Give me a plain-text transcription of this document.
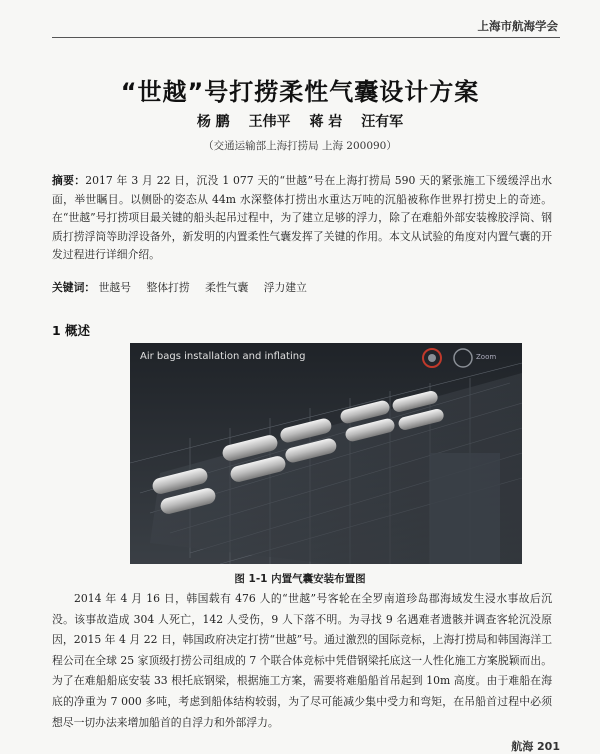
上海市航海学会
“世越”号打捞柔性气囊设计方案
杨 鹏 王伟平 蒋 岩 汪有军
（交通运输部上海打捞局 上海 200090）
摘要：2017 年 3 月 22 日，沉没 1 077 天的“世越”号在上海打捞局 590 天的紧张施工下缓缓浮出水面，举世瞩目。以侧卧的姿态从 44m 水深整体打捞出水重达万吨的沉船被称作世界打捞史上的奇迹。在“世越”号打捞项目最关键的船头起吊过程中，为了建立足够的浮力，除了在难船外部安装橡胶浮筒、钢质打捞浮筒等助浮设备外，新发明的内置柔性气囊发挥了关键的作用。本文从试验的角度对内置气囊的开发过程进行详细介绍。
关键词： 世越号 整体打捞 柔性气囊 浮力建立
1 概述
Air bags installation and inflating	Zoom
图 1-1 内置气囊安装布置图
2014 年 4 月 16 日，韩国载有 476 人的“世越”号客轮在全罗南道珍岛郡海域发生浸水事故后沉没。该事故造成 304 人死亡，142 人受伤，9 人下落不明。为寻找 9 名遇难者遗骸并调查客轮沉没原因，2015 年 4 月 22 日，韩国政府决定打捞“世越”号。通过激烈的国际竞标，上海打捞局和韩国海洋工程公司在全球 25 家顶级打捞公司组成的 7 个联合体竞标中凭借钢梁托底这一人性化施工方案脱颖而出。为了在难船船底安装 33 根托底钢梁，根据施工方案，需要将难船船首吊起到 10m 高度。由于难船在海底的净重为 7 000 多吨，考虑到船体结构较弱，为了尽可能减少集中受力和弯矩，在吊船首过程中必须想尽一切办法来增加船首的自浮力和外部浮力。
航海 201
